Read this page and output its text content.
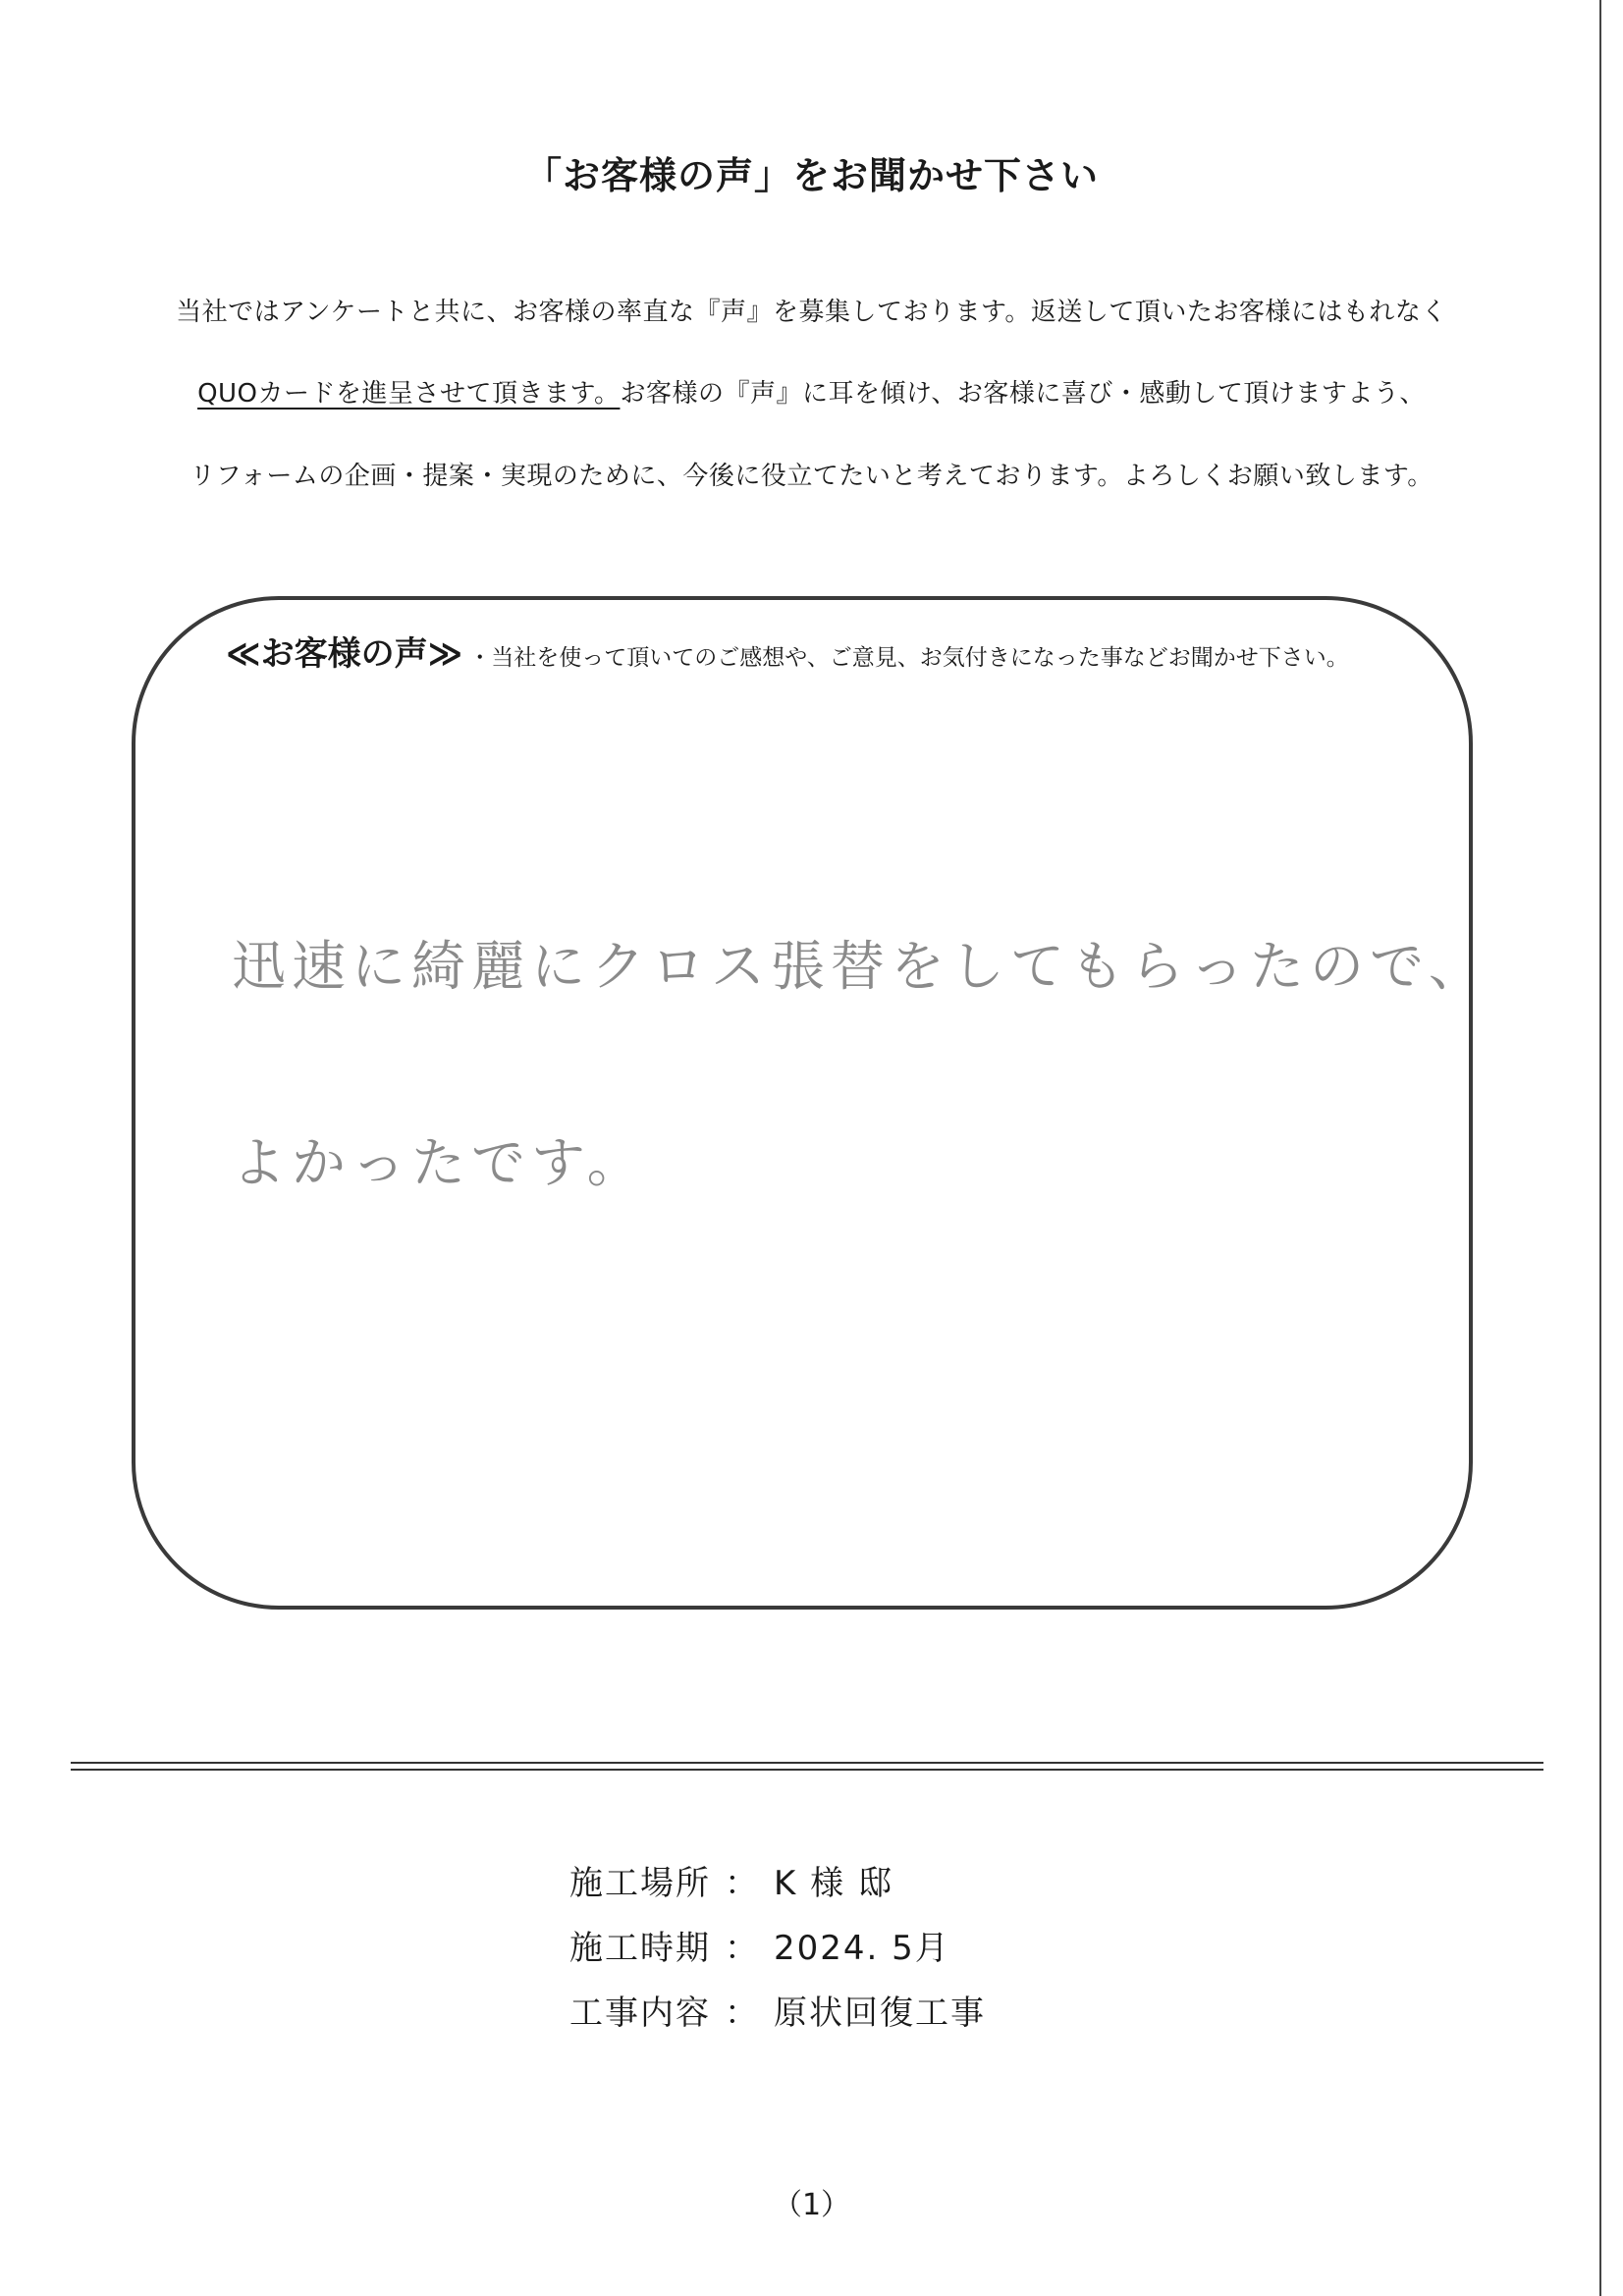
「お客様の声」をお聞かせ下さい
当社ではアンケートと共に、お客様の率直な『声』を募集しております。返送して頂いたお客様にはもれなく
QUOカードを進呈させて頂きます。お客様の『声』に耳を傾け、お客様に喜び・感動して頂けますよう、
リフォームの企画・提案・実現のために、今後に役立てたいと考えております。よろしくお願い致します。
≪お客様の声≫ ・当社を使って頂いてのご感想や、ご意見、お気付きになった事などお聞かせ下さい。
迅速に綺麗にクロス張替をしてもらったので、
よかったです。
施工場所 ： K 様 邸
施工時期 ： 2024. 5月
工事内容 ： 原状回復工事
（1）
